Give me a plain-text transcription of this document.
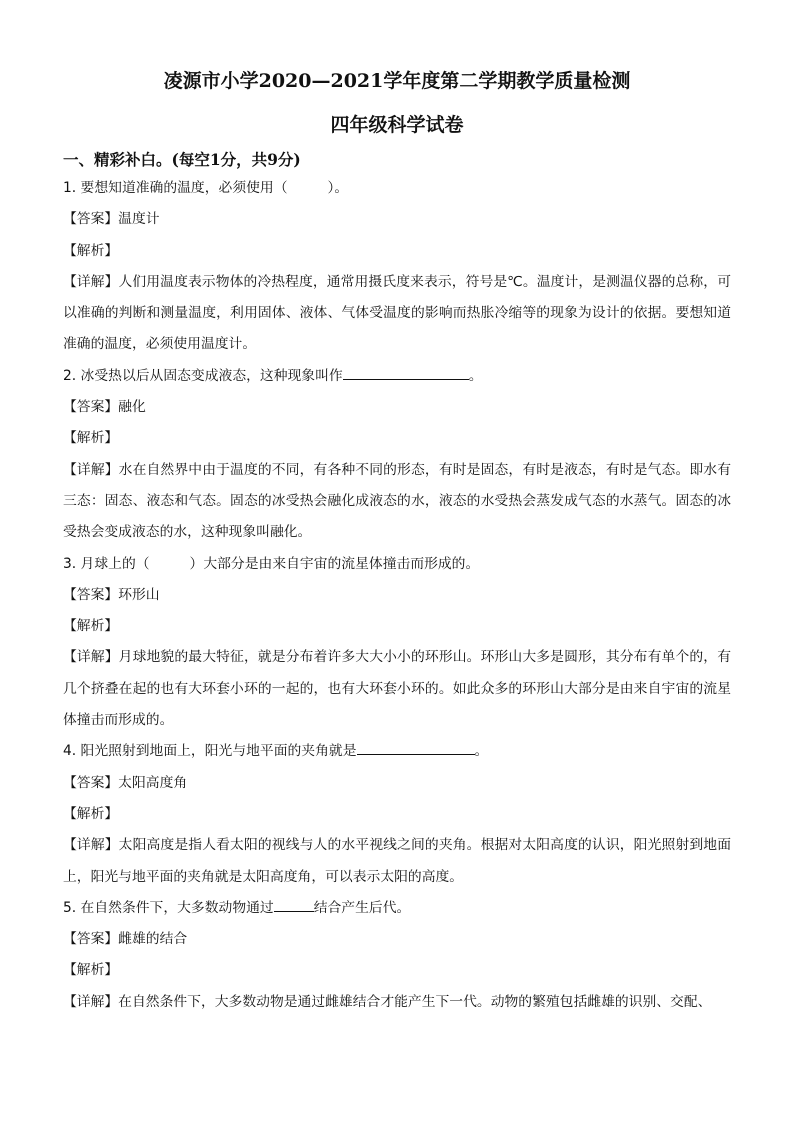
凌源市小学2020—2021学年度第二学期教学质量检测
四年级科学试卷
一、精彩补白。(每空1分，共9分)
1. 要想知道准确的温度，必须使用（	）。
【答案】温度计
【解析】
【详解】人们用温度表示物体的冷热程度，通常用摄氏度来表示，符号是℃。温度计，是测温仪器的总称，可以准确的判断和测量温度，利用固体、液体、气体受温度的影响而热胀冷缩等的现象为设计的依据。要想知道准确的温度，必须使用温度计。
2. 冰受热以后从固态变成液态，这种现象叫作	。
【答案】融化
【解析】
【详解】水在自然界中由于温度的不同，有各种不同的形态，有时是固态，有时是液态，有时是气态。即水有三态：固态、液态和气态。固态的冰受热会融化成液态的水，液态的水受热会蒸发成气态的水蒸气。固态的冰受热会变成液态的水，这种现象叫融化。
3. 月球上的（	）大部分是由来自宇宙的流星体撞击而形成的。
【答案】环形山
【解析】
【详解】月球地貌的最大特征，就是分布着许多大大小小的环形山。环形山大多是圆形，其分布有单个的，有几个挤叠在起的也有大环套小环的一起的，也有大环套小环的。如此众多的环形山大部分是由来自宇宙的流星体撞击而形成的。
4. 阳光照射到地面上，阳光与地平面的夹角就是	。
【答案】太阳高度角
【解析】
【详解】太阳高度是指人看太阳的视线与人的水平视线之间的夹角。根据对太阳高度的认识，阳光照射到地面上，阳光与地平面的夹角就是太阳高度角，可以表示太阳的高度。
5. 在自然条件下，大多数动物通过	结合产生后代。
【答案】雌雄的结合
【解析】
【详解】在自然条件下，大多数动物是通过雌雄结合才能产生下一代。动物的繁殖包括雌雄的识别、交配、
